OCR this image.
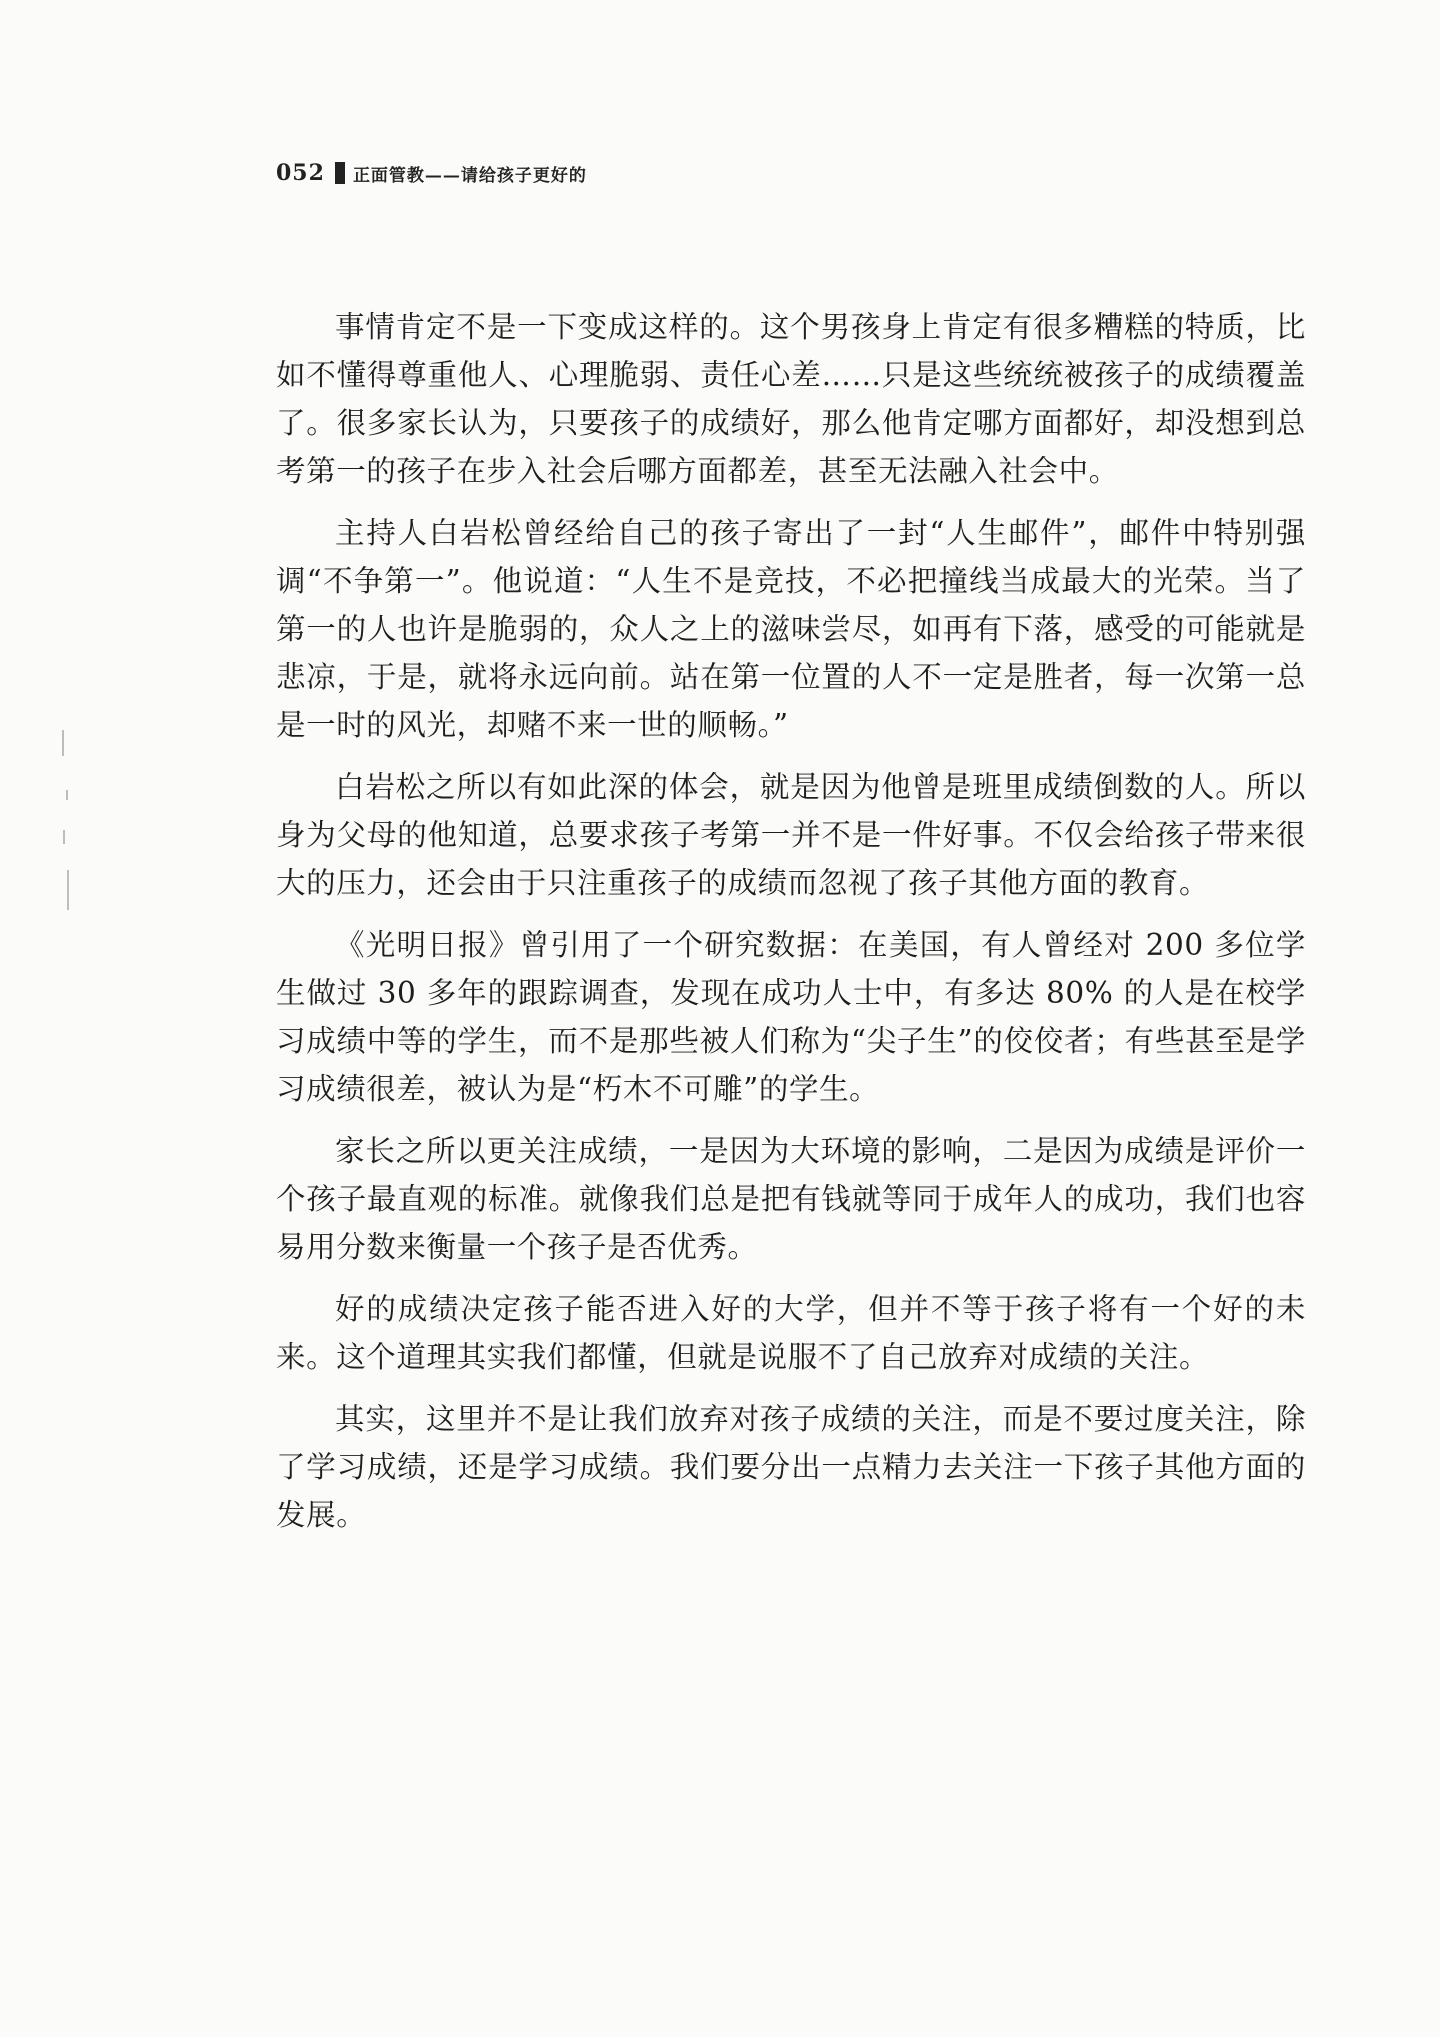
052 正面管教——请给孩子更好的

事情肯定不是一下变成这样的。这个男孩身上肯定有很多糟糕的特质，比如不懂得尊重他人、心理脆弱、责任心差……只是这些统统被孩子的成绩覆盖了。很多家长认为，只要孩子的成绩好，那么他肯定哪方面都好，却没想到总考第一的孩子在步入社会后哪方面都差，甚至无法融入社会中。

主持人白岩松曾经给自己的孩子寄出了一封“人生邮件”，邮件中特别强调“不争第一”。他说道：“人生不是竞技，不必把撞线当成最大的光荣。当了第一的人也许是脆弱的，众人之上的滋味尝尽，如再有下落，感受的可能就是悲凉，于是，就将永远向前。站在第一位置的人不一定是胜者，每一次第一总是一时的风光，却赌不来一世的顺畅。”

白岩松之所以有如此深的体会，就是因为他曾是班里成绩倒数的人。所以身为父母的他知道，总要求孩子考第一并不是一件好事。不仅会给孩子带来很大的压力，还会由于只注重孩子的成绩而忽视了孩子其他方面的教育。

《光明日报》曾引用了一个研究数据：在美国，有人曾经对 200 多位学生做过 30 多年的跟踪调查，发现在成功人士中，有多达 80% 的人是在校学习成绩中等的学生，而不是那些被人们称为“尖子生”的佼佼者；有些甚至是学习成绩很差，被认为是“朽木不可雕”的学生。

家长之所以更关注成绩，一是因为大环境的影响，二是因为成绩是评价一个孩子最直观的标准。就像我们总是把有钱就等同于成年人的成功，我们也容易用分数来衡量一个孩子是否优秀。

好的成绩决定孩子能否进入好的大学，但并不等于孩子将有一个好的未来。这个道理其实我们都懂，但就是说服不了自己放弃对成绩的关注。

其实，这里并不是让我们放弃对孩子成绩的关注，而是不要过度关注，除了学习成绩，还是学习成绩。我们要分出一点精力去关注一下孩子其他方面的发展。
